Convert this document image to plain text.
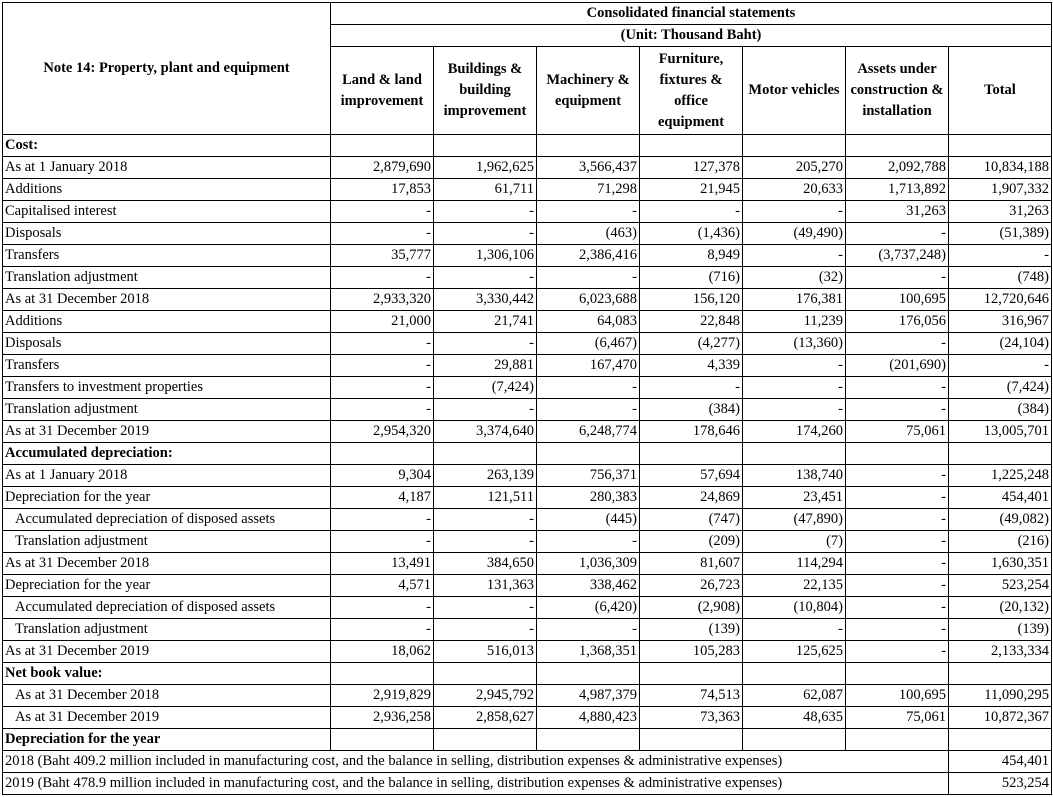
Note 14: Property, plant and equipment	Consolidated financial statements						
	(Unit: Thousand Baht)						
	Land & land improvement	Buildings & building improvement	Machinery & equipment	Furniture, fixtures & office equipment	Motor vehicles	Assets under construction & installation	Total
Cost:							
As at 1 January 2018	2,879,690	1,962,625	3,566,437	127,378	205,270	2,092,788	10,834,188
Additions	17,853	61,711	71,298	21,945	20,633	1,713,892	1,907,332
Capitalised interest	-	-	-	-	-	31,263	31,263
Disposals	-	-	(463)	(1,436)	(49,490)	-	(51,389)
Transfers	35,777	1,306,106	2,386,416	8,949	-	(3,737,248)	-
Translation adjustment	-	-	-	(716)	(32)	-	(748)
As at 31 December 2018	2,933,320	3,330,442	6,023,688	156,120	176,381	100,695	12,720,646
Additions	21,000	21,741	64,083	22,848	11,239	176,056	316,967
Disposals	-	-	(6,467)	(4,277)	(13,360)	-	(24,104)
Transfers	-	29,881	167,470	4,339	-	(201,690)	-
Transfers to investment properties	-	(7,424)	-	-	-	-	(7,424)
Translation adjustment	-	-	-	(384)	-	-	(384)
As at 31 December 2019	2,954,320	3,374,640	6,248,774	178,646	174,260	75,061	13,005,701
Accumulated depreciation:							
As at 1 January 2018	9,304	263,139	756,371	57,694	138,740	-	1,225,248
Depreciation for the year	4,187	121,511	280,383	24,869	23,451	-	454,401
Accumulated depreciation of disposed assets	-	-	(445)	(747)	(47,890)	-	(49,082)
Translation adjustment	-	-	-	(209)	(7)	-	(216)
As at 31 December 2018	13,491	384,650	1,036,309	81,607	114,294	-	1,630,351
Depreciation for the year	4,571	131,363	338,462	26,723	22,135	-	523,254
Accumulated depreciation of disposed assets	-	-	(6,420)	(2,908)	(10,804)	-	(20,132)
Translation adjustment	-	-	-	(139)	-	-	(139)
As at 31 December 2019	18,062	516,013	1,368,351	105,283	125,625	-	2,133,334
Net book value:							
As at 31 December 2018	2,919,829	2,945,792	4,987,379	74,513	62,087	100,695	11,090,295
As at 31 December 2019	2,936,258	2,858,627	4,880,423	73,363	48,635	75,061	10,872,367
Depreciation for the year							
2018 (Baht 409.2 million included in manufacturing cost, and the balance in selling, distribution expenses & administrative expenses)							454,401
2019 (Baht 478.9 million included in manufacturing cost, and the balance in selling, distribution expenses & administrative expenses)							523,254
